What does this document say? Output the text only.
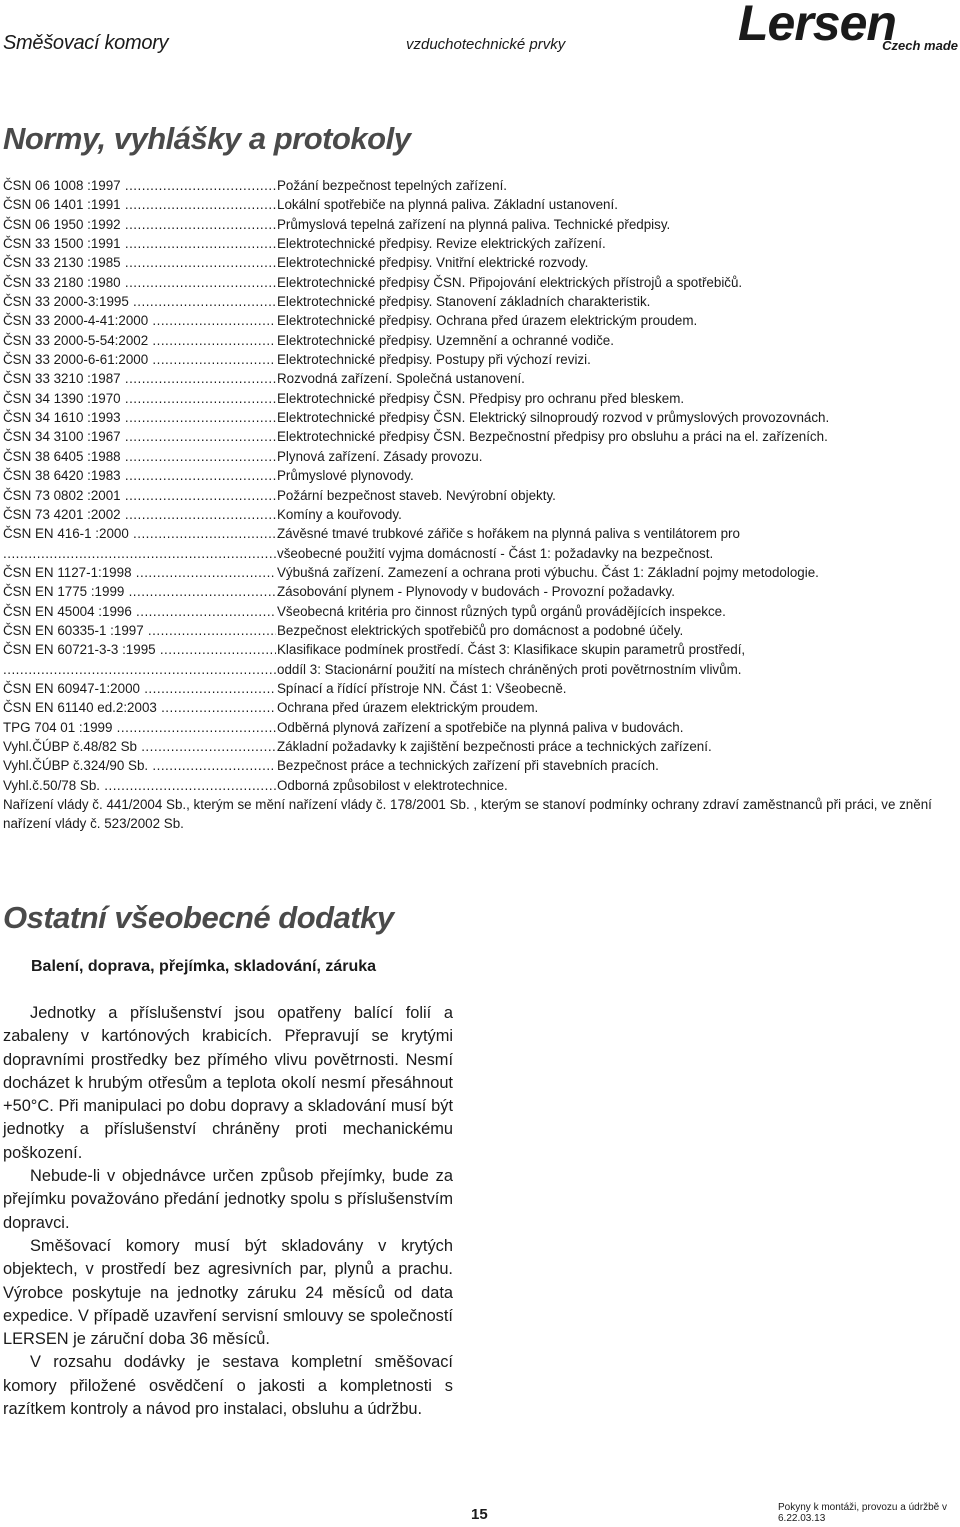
Směšovací komory	vzduchotechnické prvky	Lersen
Czech made
Normy, vyhlášky a protokoly
ČSN 06 1008 :1997 .....	Požání bezpečnost tepelných zařízení.
ČSN 06 1401 :1991 .....	Lokální spotřebiče na plynná paliva. Základní ustanovení.
ČSN 06 1950 :1992 .....	Průmyslová tepelná zařízení na plynná paliva. Technické předpisy.
ČSN 33 1500 :1991 .....	Elektrotechnické předpisy. Revize elektrických zařízení.
ČSN 33 2130 :1985 .....	Elektrotechnické předpisy. Vnitřní elektrické rozvody.
ČSN 33 2180 :1980 .....	Elektrotechnické předpisy ČSN. Připojování elektrických přístrojů a spotřebičů.
ČSN 33 2000-3:1995 .....	Elektrotechnické předpisy. Stanovení základních charakteristik.
ČSN 33 2000-4-41:2000 .....	Elektrotechnické předpisy. Ochrana před úrazem elektrickým proudem.
ČSN 33 2000-5-54:2002 .....	Elektrotechnické předpisy. Uzemnění a ochranné vodiče.
ČSN 33 2000-6-61:2000 .....	Elektrotechnické předpisy. Postupy při výchozí revizi.
ČSN 33 3210 :1987 .....	Rozvodná zařízení. Společná ustanovení.
ČSN 34 1390 :1970 .....	Elektrotechnické předpisy ČSN. Předpisy pro ochranu před bleskem.
ČSN 34 1610 :1993 .....	Elektrotechnické předpisy ČSN. Elektrický silnoproudý rozvod v průmyslových provozovnách.
ČSN 34 3100 :1967 .....	Elektrotechnické předpisy ČSN. Bezpečnostní předpisy pro obsluhu a práci na el. zařízeních.
ČSN 38 6405 :1988 .....	Plynová zařízení. Zásady provozu.
ČSN 38 6420 :1983 .....	Průmyslové plynovody.
ČSN 73 0802 :2001 .....	Požární bezpečnost staveb. Nevýrobní objekty.
ČSN 73 4201 :2002 .....	Komíny a kouřovody.
ČSN EN 416-1 :2000 .....	Závěsné tmavé trubkové zářiče s hořákem na plynná paliva s ventilátorem pro
.....
všeobecné použití vyjma domácností - Část 1: požadavky na bezpečnost.
ČSN EN 1127-1:1998 .....	Výbušná zařízení. Zamezení a ochrana proti výbuchu. Část 1: Základní pojmy metodologie.
ČSN EN 1775 :1999 .....	Zásobování plynem - Plynovody v budovách - Provozní požadavky.
ČSN EN 45004 :1996 .....	Všeobecná kritéria pro činnost různých typů orgánů provádějících inspekce.
ČSN EN 60335-1 :1997 .....	Bezpečnost elektrických spotřebičů pro domácnost a podobné účely.
ČSN EN 60721-3-3 :1995 .....	Klasifikace podmínek prostředí. Část 3: Klasifikace skupin parametrů prostředí,
.....
oddíl 3: Stacionární použití na místech chráněných proti povětrnostním vlivům.
ČSN EN 60947-1:2000 .....	Spínací a řídící přístroje NN. Část 1: Všeobecně.
ČSN EN 61140 ed.2:2003 .....	Ochrana před úrazem elektrickým proudem.
TPG 704 01 :1999 .....	Odběrná plynová zařízení a spotřebiče na plynná paliva v budovách.
Vyhl.ČÚBP č.48/82 Sb .....	Základní požadavky k zajištění bezpečnosti práce a technických zařízení.
Vyhl.ČÚBP č.324/90 Sb. .....	Bezpečnost práce a technických zařízení při stavebních pracích.
Vyhl.č.50/78 Sb. .....	Odborná způsobilost v elektrotechnice.
Nařízení vlády č. 441/2004 Sb., kterým se mění nařízení vlády č. 178/2001 Sb. , kterým se stanoví podmínky ochrany zdraví zaměstnanců při práci, ve znění nařízení vlády č. 523/2002 Sb.
Ostatní všeobecné dodatky
Balení, doprava, přejímka, skladování, záruka

Jednotky a příslušenství jsou opatřeny balící folií a zabaleny v kartónových krabicích. Přepravují se krytými dopravními prostředky bez přímého vlivu povětrnosti. Nesmí docházet k hrubým otřesům a teplota okolí nesmí přesáhnout +50°C. Při manipulaci po dobu dopravy a skladování musí být jednotky a příslušenství chráněny proti mechanickému poškození.

Nebude-li v objednávce určen způsob přejímky, bude za přejímku považováno předání jednotky spolu s příslušenstvím dopravci.

Směšovací komory musí být skladovány v krytých objektech, v prostředí bez agresivních par, plynů a prachu. Výrobce poskytuje na jednotky záruku 24 měsíců od data expedice. V případě uzavření servisní smlouvy se společností LERSEN je záruční doba 36 měsíců.

V rozsahu dodávky je sestava kompletní směšovací komory přiložené osvědčení o jakosti a kompletnosti s razítkem kontroly a návod pro instalaci, obsluhu a údržbu.

15	Pokyny k montáži, provozu a údržbě v 6.22.03.13
